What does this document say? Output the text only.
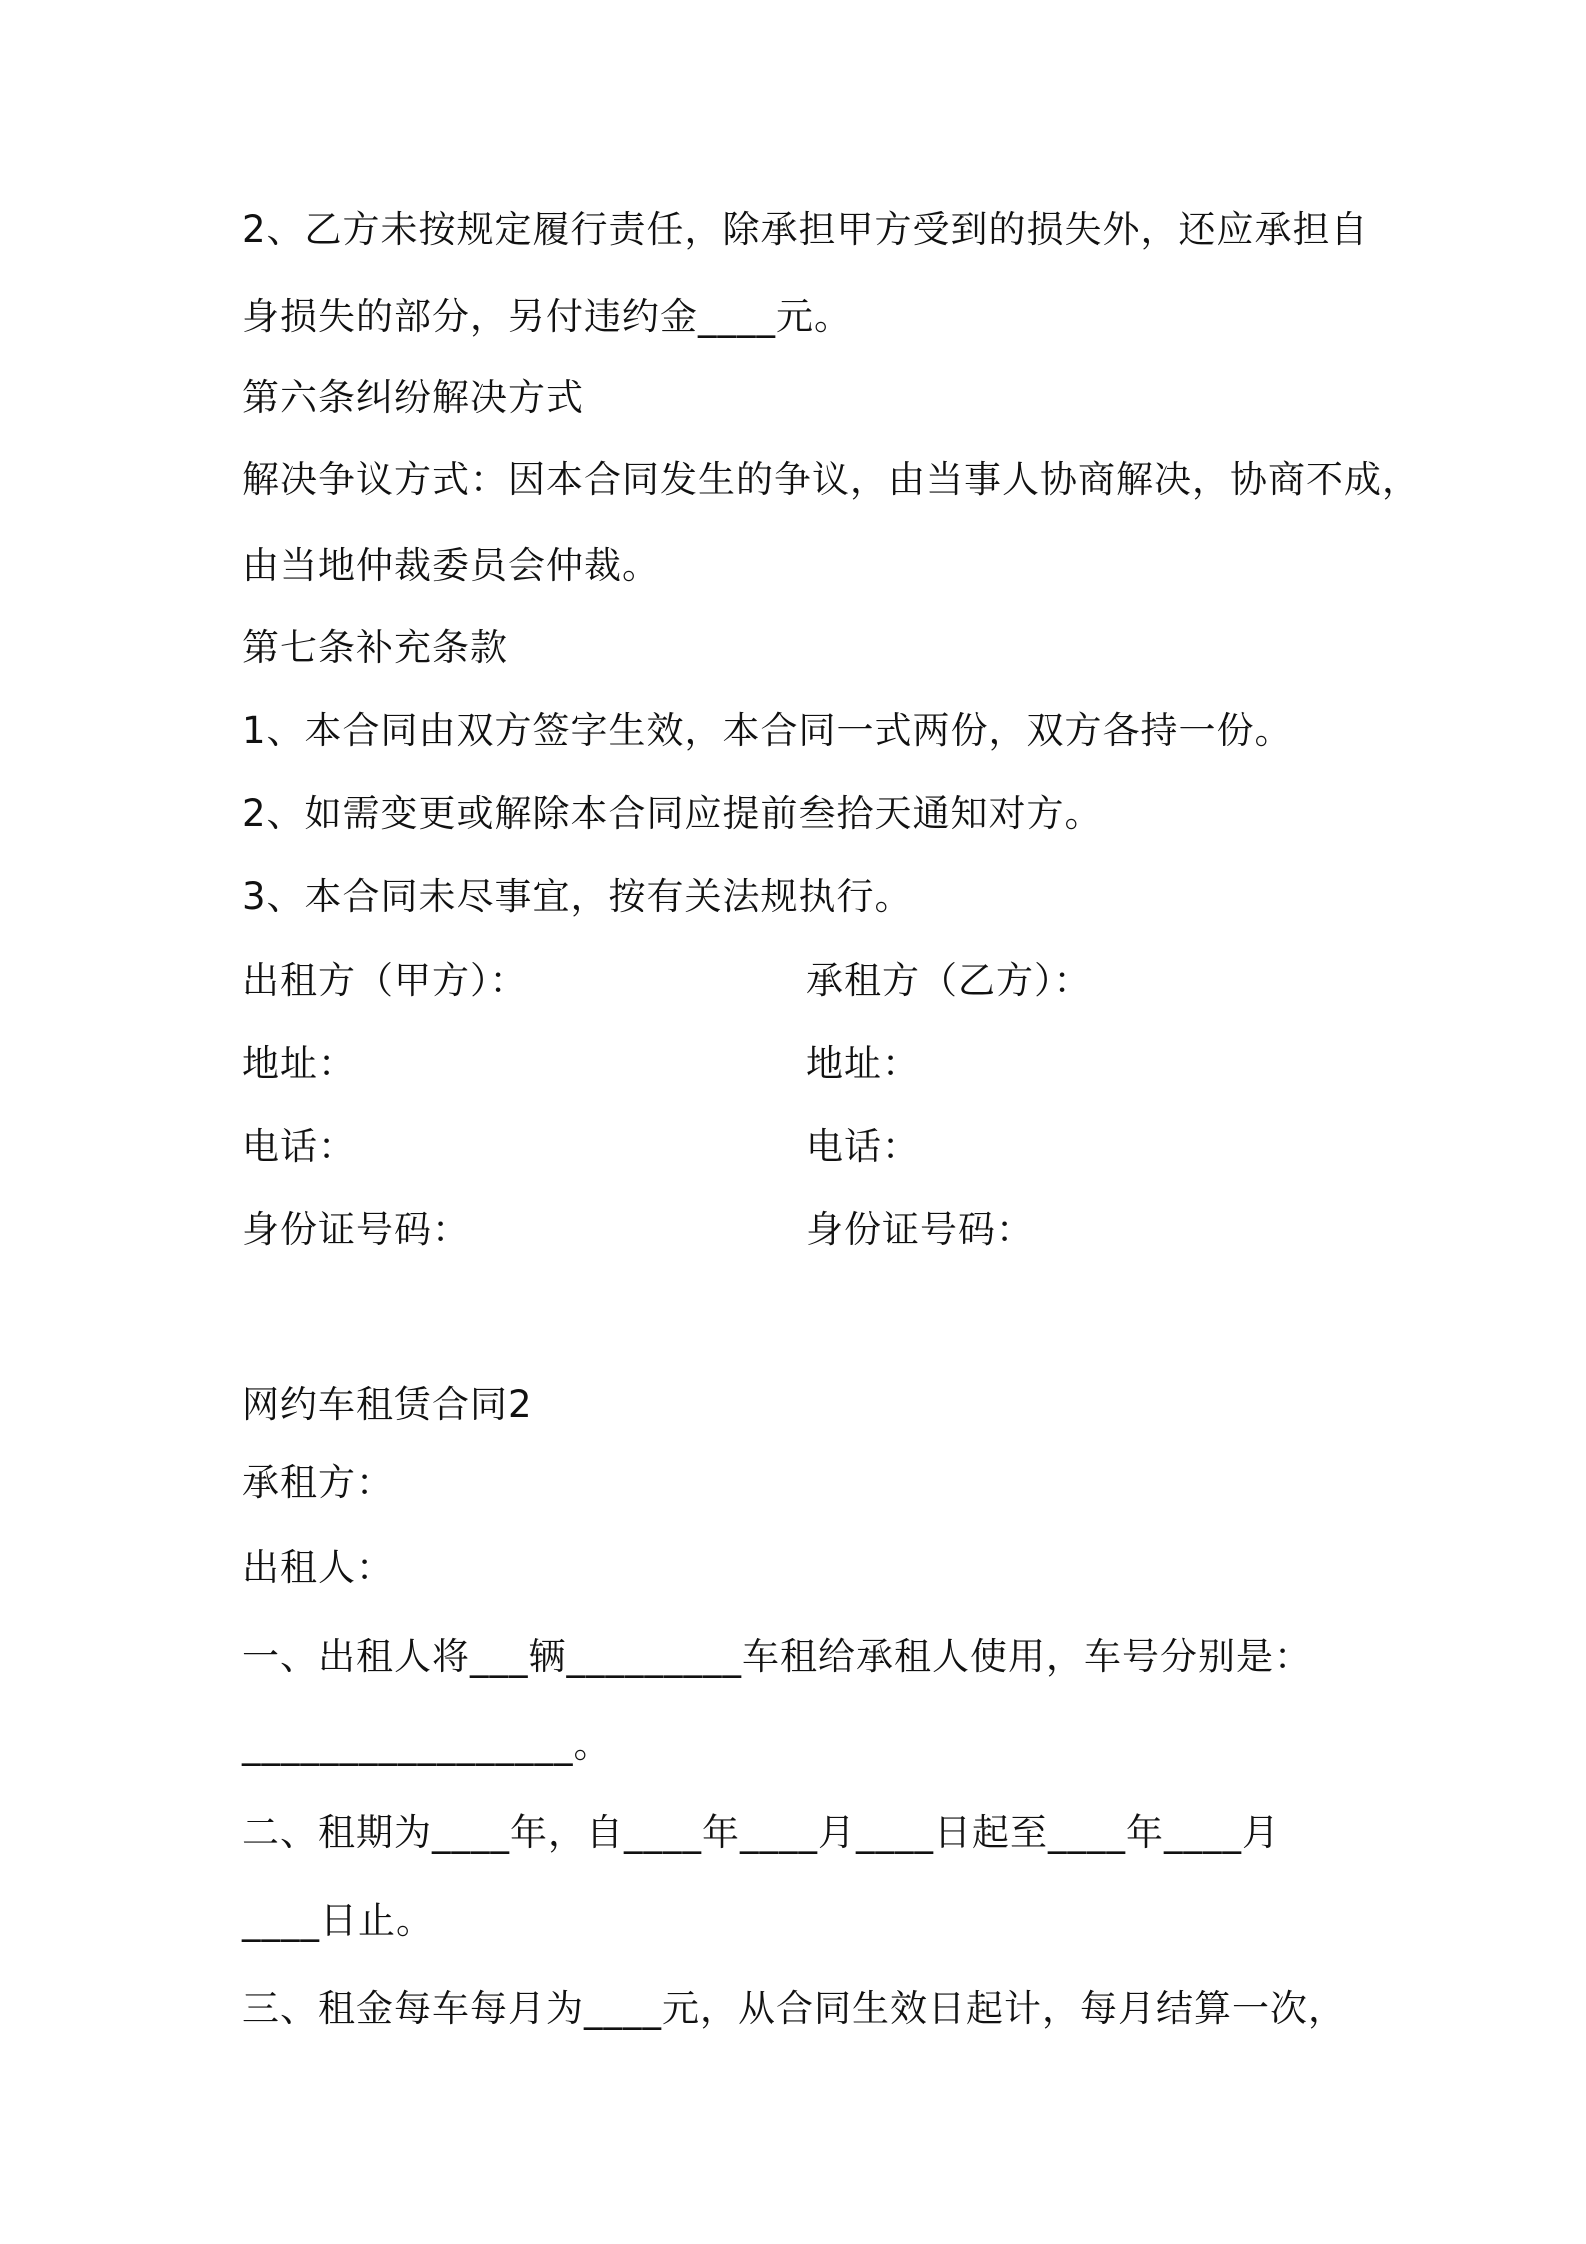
2、乙方未按规定履行责任，除承担甲方受到的损失外，还应承担自
身损失的部分，另付违约金____元。
第六条纠纷解决方式
解决争议方式：因本合同发生的争议，由当事人协商解决，协商不成，
由当地仲裁委员会仲裁。
第七条补充条款
1、本合同由双方签字生效，本合同一式两份，双方各持一份。
2、如需变更或解除本合同应提前叁拾天通知对方。
3、本合同未尽事宜，按有关法规执行。
出租方（甲方）：	承租方（乙方）：
地址：	地址：
电话：	电话：
身份证号码：	身份证号码：
网约车租赁合同2
承租方：
出租人：
一、出租人将___辆_________车租给承租人使用，车号分别是：
_________________。
二、租期为____年，自____年____月____日起至____年____月
____日止。
三、租金每车每月为____元，从合同生效日起计，每月结算一次，
